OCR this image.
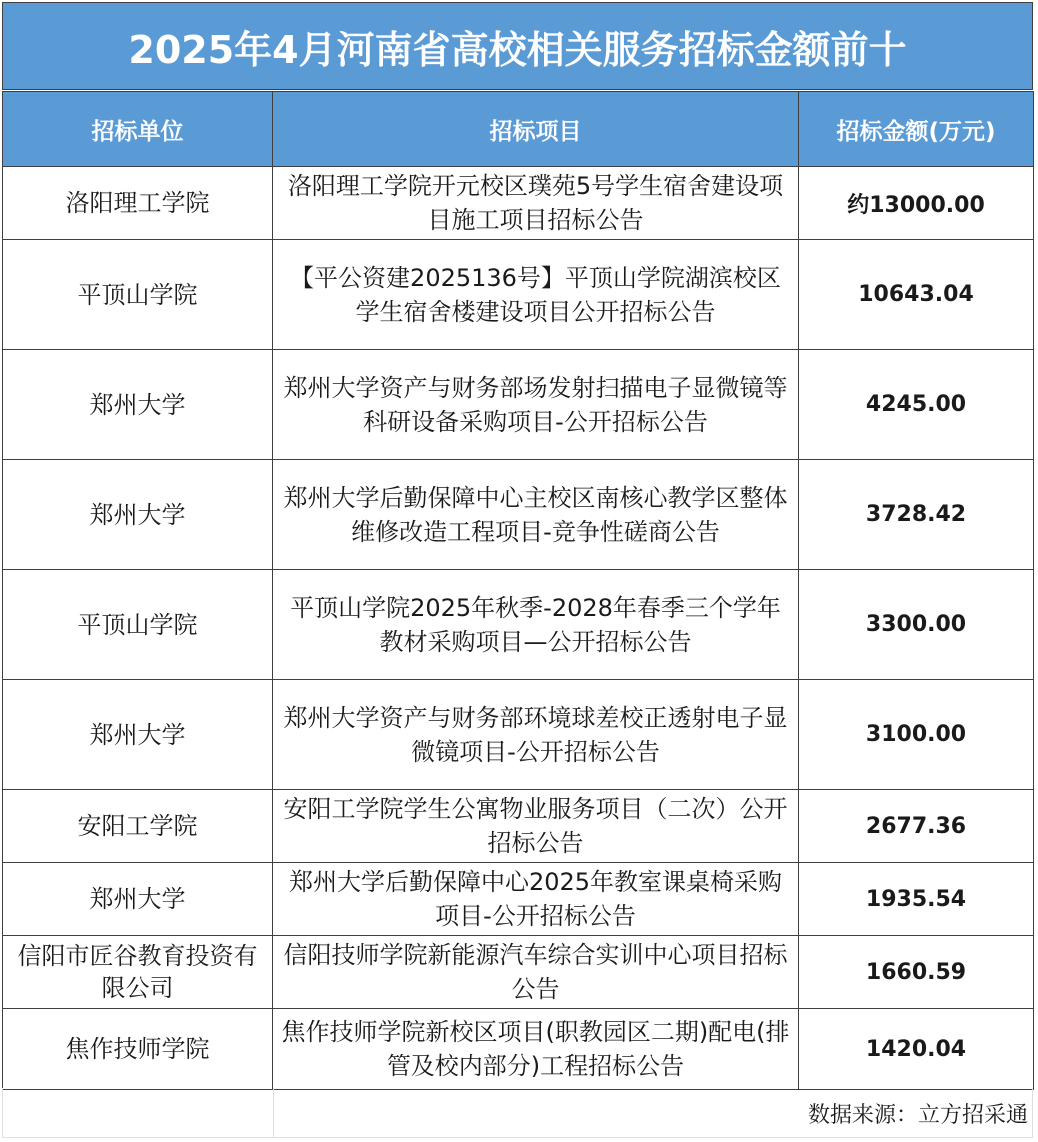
2025年4月河南省高校相关服务招标金额前十
招标单位	招标项目	招标金额(万元)
洛阳理工学院	洛阳理工学院开元校区璞苑5号学生宿舍建设项目施工项目招标公告	约13000.00
平顶山学院	【平公资建2025136号】平顶山学院湖滨校区学生宿舍楼建设项目公开招标公告	10643.04
郑州大学	郑州大学资产与财务部场发射扫描电子显微镜等科研设备采购项目-公开招标公告	4245.00
郑州大学	郑州大学后勤保障中心主校区南核心教学区整体维修改造工程项目-竞争性磋商公告	3728.42
平顶山学院	平顶山学院2025年秋季-2028年春季三个学年教材采购项目—公开招标公告	3300.00
郑州大学	郑州大学资产与财务部环境球差校正透射电子显微镜项目-公开招标公告	3100.00
安阳工学院	安阳工学院学生公寓物业服务项目（二次）公开招标公告	2677.36
郑州大学	郑州大学后勤保障中心2025年教室课桌椅采购项目-公开招标公告	1935.54
信阳市匠谷教育投资有限公司	信阳技师学院新能源汽车综合实训中心项目招标公告	1660.59
焦作技师学院	焦作技师学院新校区项目(职教园区二期)配电(排管及校内部分)工程招标公告	1420.04
数据来源：立方招采通
